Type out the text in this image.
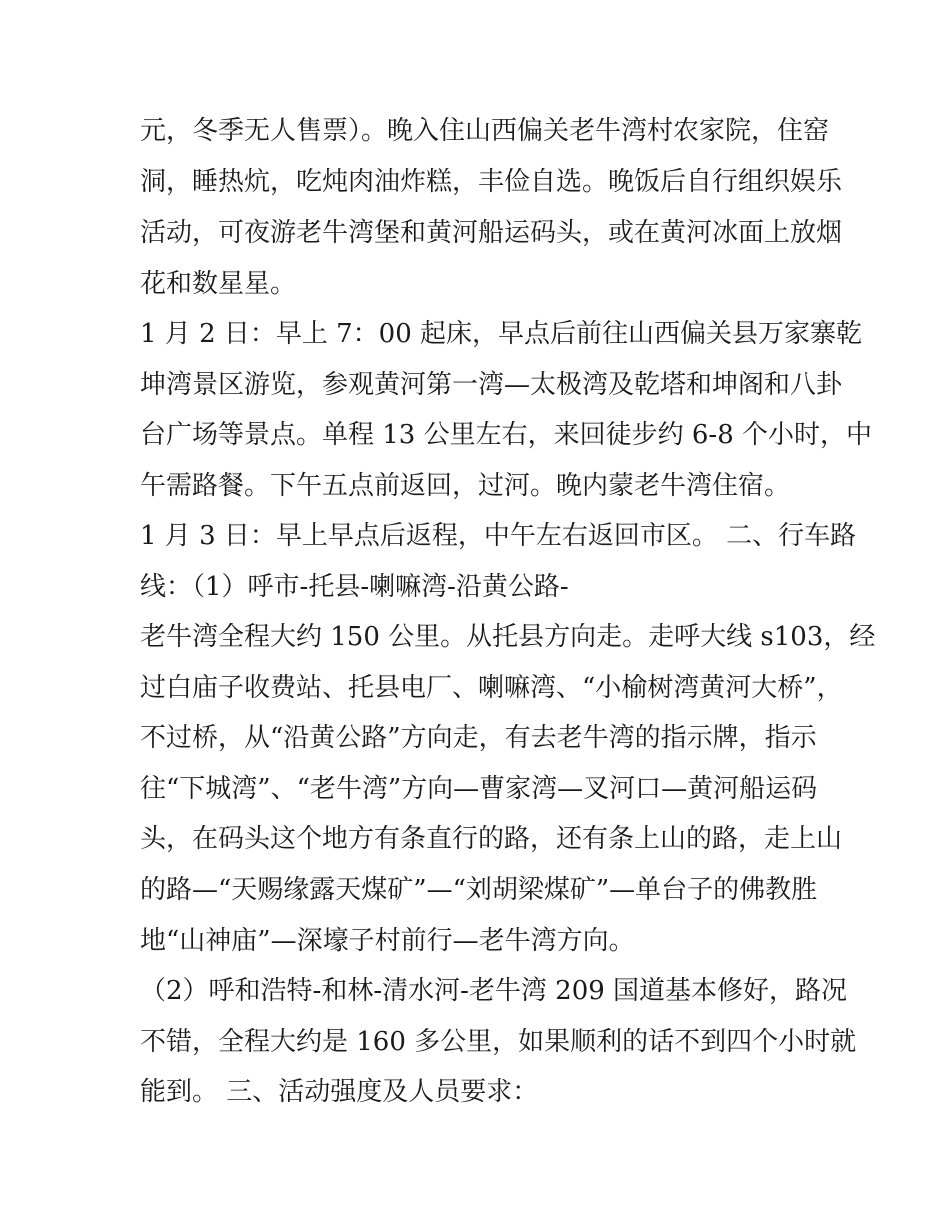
元，冬季无人售票）。晚入住山西偏关老牛湾村农家院，住窑
洞，睡热炕，吃炖肉油炸糕，丰俭自选。晚饭后自行组织娱乐
活动，可夜游老牛湾堡和黄河船运码头，或在黄河冰面上放烟
花和数星星。
1 月 2 日：早上 7：00 起床，早点后前往山西偏关县万家寨乾
坤湾景区游览，参观黄河第一湾—太极湾及乾塔和坤阁和八卦
台广场等景点。单程 13 公里左右，来回徒步约 6-8 个小时，中
午需路餐。下午五点前返回，过河。晚内蒙老牛湾住宿。
1 月 3 日：早上早点后返程，中午左右返回市区。 二、行车路
线：（1）呼市-托县-喇嘛湾-沿黄公路-
老牛湾全程大约 150 公里。从托县方向走。走呼大线 s103，经
过白庙子收费站、托县电厂、喇嘛湾、“小榆树湾黄河大桥”，
不过桥，从“沿黄公路”方向走，有去老牛湾的指示牌，指示
往“下城湾”、“老牛湾”方向—曹家湾—叉河口—黄河船运码
头，在码头这个地方有条直行的路，还有条上山的路，走上山
的路—“天赐缘露天煤矿”—“刘胡梁煤矿”—单台子的佛教胜
地“山神庙”—深壕子村前行—老牛湾方向。
（2）呼和浩特-和林-清水河-老牛湾 209 国道基本修好，路况
不错，全程大约是 160 多公里，如果顺利的话不到四个小时就
能到。 三、活动强度及人员要求：
